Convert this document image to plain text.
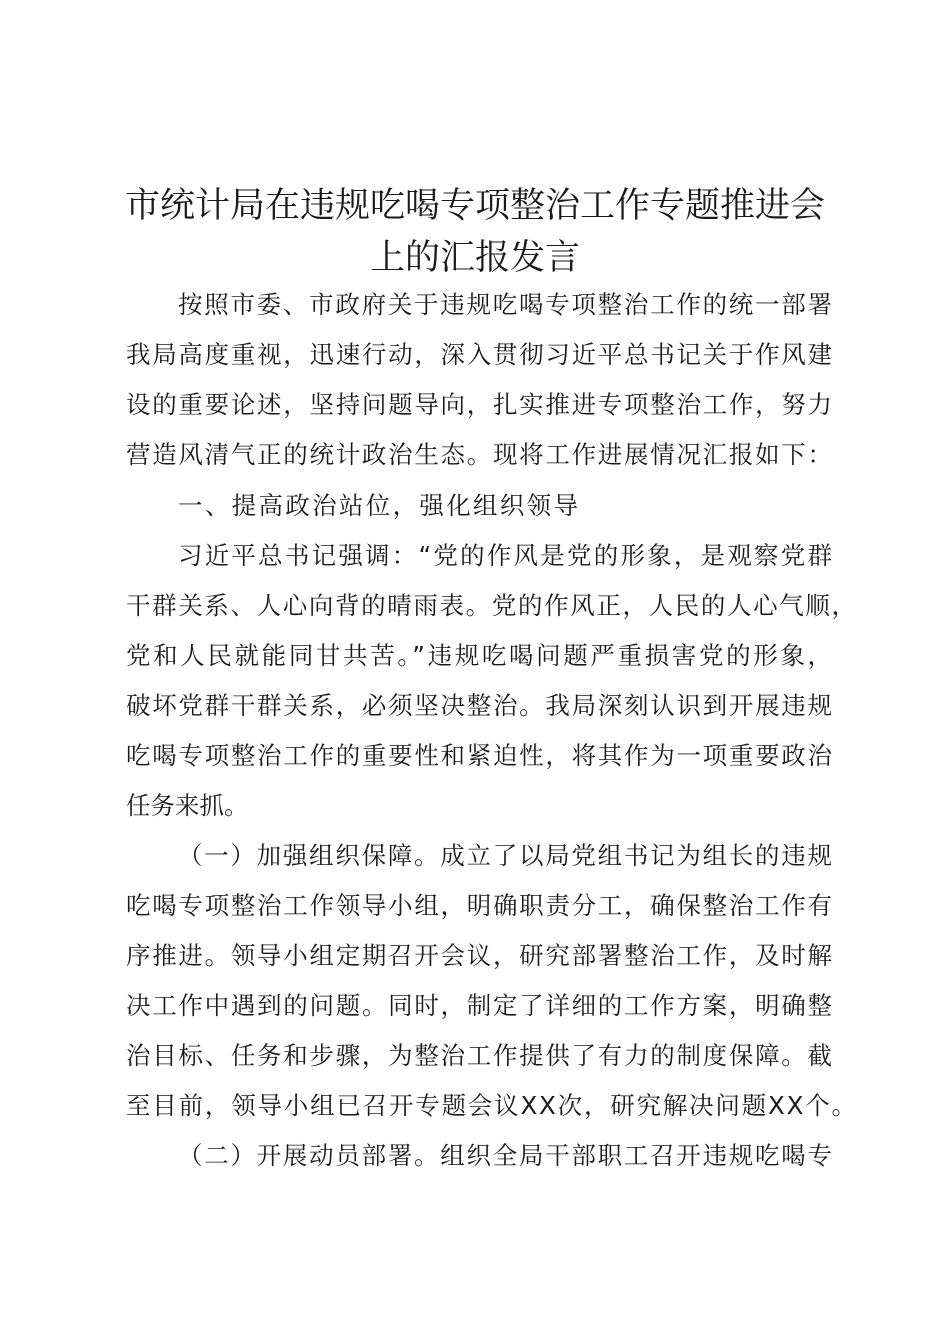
市统计局在违规吃喝专项整治工作专题推进会
上的汇报发言
按照市委、市政府关于违规吃喝专项整治工作的统一部署
我局高度重视，迅速行动，深入贯彻习近平总书记关于作风建
设的重要论述，坚持问题导向，扎实推进专项整治工作，努力
营造风清气正的统计政治生态。现将工作进展情况汇报如下：
一、提高政治站位，强化组织领导
习近平总书记强调：“党的作风是党的形象，是观察党群
干群关系、人心向背的晴雨表。党的作风正，人民的人心气顺，
党和人民就能同甘共苦。”违规吃喝问题严重损害党的形象，
破坏党群干群关系，必须坚决整治。我局深刻认识到开展违规
吃喝专项整治工作的重要性和紧迫性，将其作为一项重要政治
任务来抓。
（一）加强组织保障。成立了以局党组书记为组长的违规
吃喝专项整治工作领导小组，明确职责分工，确保整治工作有
序推进。领导小组定期召开会议，研究部署整治工作，及时解
决工作中遇到的问题。同时，制定了详细的工作方案，明确整
治目标、任务和步骤，为整治工作提供了有力的制度保障。截
至目前，领导小组已召开专题会议XX次，研究解决问题XX个。
（二）开展动员部署。组织全局干部职工召开违规吃喝专
